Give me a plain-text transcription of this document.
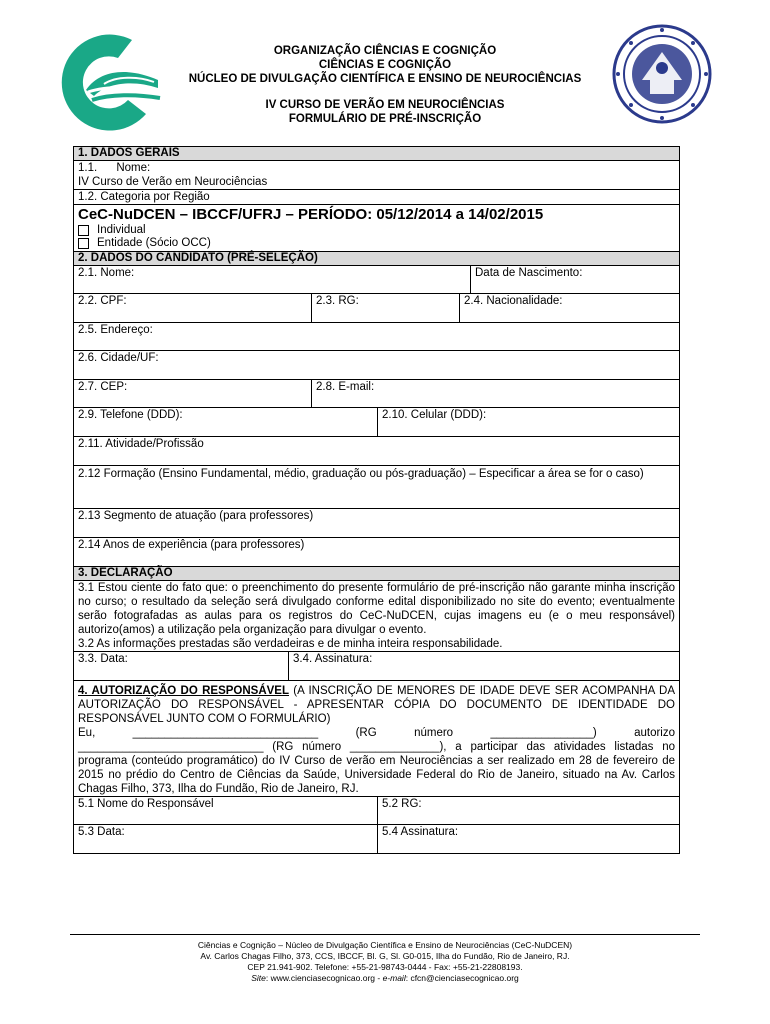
ORGANIZAÇÃO CIÊNCIAS E COGNIÇÃO
CIÊNCIAS E COGNIÇÃO
NÚCLEO DE DIVULGAÇÃO CIENTÍFICA E ENSINO DE NEUROCIÊNCIAS
IV CURSO DE VERÃO EM NEUROCIÊNCIAS
FORMULÁRIO DE PRÉ-INSCRIÇÃO
1. DADOS GERAIS
1.1.      Nome:
IV Curso de Verão em Neurociências
1.2. Categoria por Região
CeC-NuDCEN – IBCCF/UFRJ – PERÍODO: 05/12/2014 a 14/02/2015
Individual
Entidade (Sócio OCC)
2. DADOS DO CANDIDATO (PRÉ-SELEÇÃO)
2.1. Nome:	Data de Nascimento:
2.2. CPF:	2.3. RG:	2.4. Nacionalidade:
2.5. Endereço:
2.6. Cidade/UF:
2.7. CEP:	2.8. E-mail:
2.9. Telefone (DDD):	2.10. Celular (DDD):
2.11. Atividade/Profissão
2.12 Formação (Ensino Fundamental, médio, graduação ou pós-graduação) – Especificar a área se for o caso)
2.13 Segmento de atuação (para professores)
2.14 Anos de experiência (para professores)
3. DECLARAÇÃO
3.1 Estou ciente do fato que: o preenchimento do presente formulário de pré-inscrição não garante minha inscrição no curso; o resultado da seleção será divulgado conforme edital disponibilizado no site do evento; eventualmente serão fotografadas as aulas para os registros do CeC-NuDCEN, cujas imagens eu (e o meu responsável) autorizo(amos) a utilização pela organização para divulgar o evento.
3.2 As informações prestadas são verdadeiras e de minha inteira responsabilidade.
3.3. Data:	3.4. Assinatura:
4. AUTORIZAÇÃO DO RESPONSÁVEL (A INSCRIÇÃO DE MENORES DE IDADE DEVE SER ACOMPANHA DA AUTORIZAÇÃO DO RESPONSÁVEL - APRESENTAR CÓPIA DO DOCUMENTO DE IDENTIDADE DO RESPONSÁVEL JUNTO COM O FORMULÁRIO)
Eu, _____________________________ (RG número ________________) autorizo _____________________________ (RG número ______________), a participar das atividades listadas no programa (conteúdo programático) do IV Curso de verão em Neurociências a ser realizado em 28 de fevereiro de 2015 no prédio do Centro de Ciências da Saúde, Universidade Federal do Rio de Janeiro, situado na Av. Carlos Chagas Filho, 373, Ilha do Fundão, Rio de Janeiro, RJ.
5.1 Nome do Responsável	5.2 RG:
5.3 Data:	5.4 Assinatura:
Ciências e Cognição – Núcleo de Divulgação Científica e Ensino de Neurociências (CeC-NuDCEN)
Av. Carlos Chagas Filho, 373, CCS, IBCCF, Bl. G, Sl. G0-015, Ilha do Fundão, Rio de Janeiro, RJ.
CEP 21.941-902. Telefone: +55-21-98743-0444 - Fax: +55-21-22808193.
Site: www.cienciasecognicao.org - e-mail: cfcn@cienciasecognicao.org
